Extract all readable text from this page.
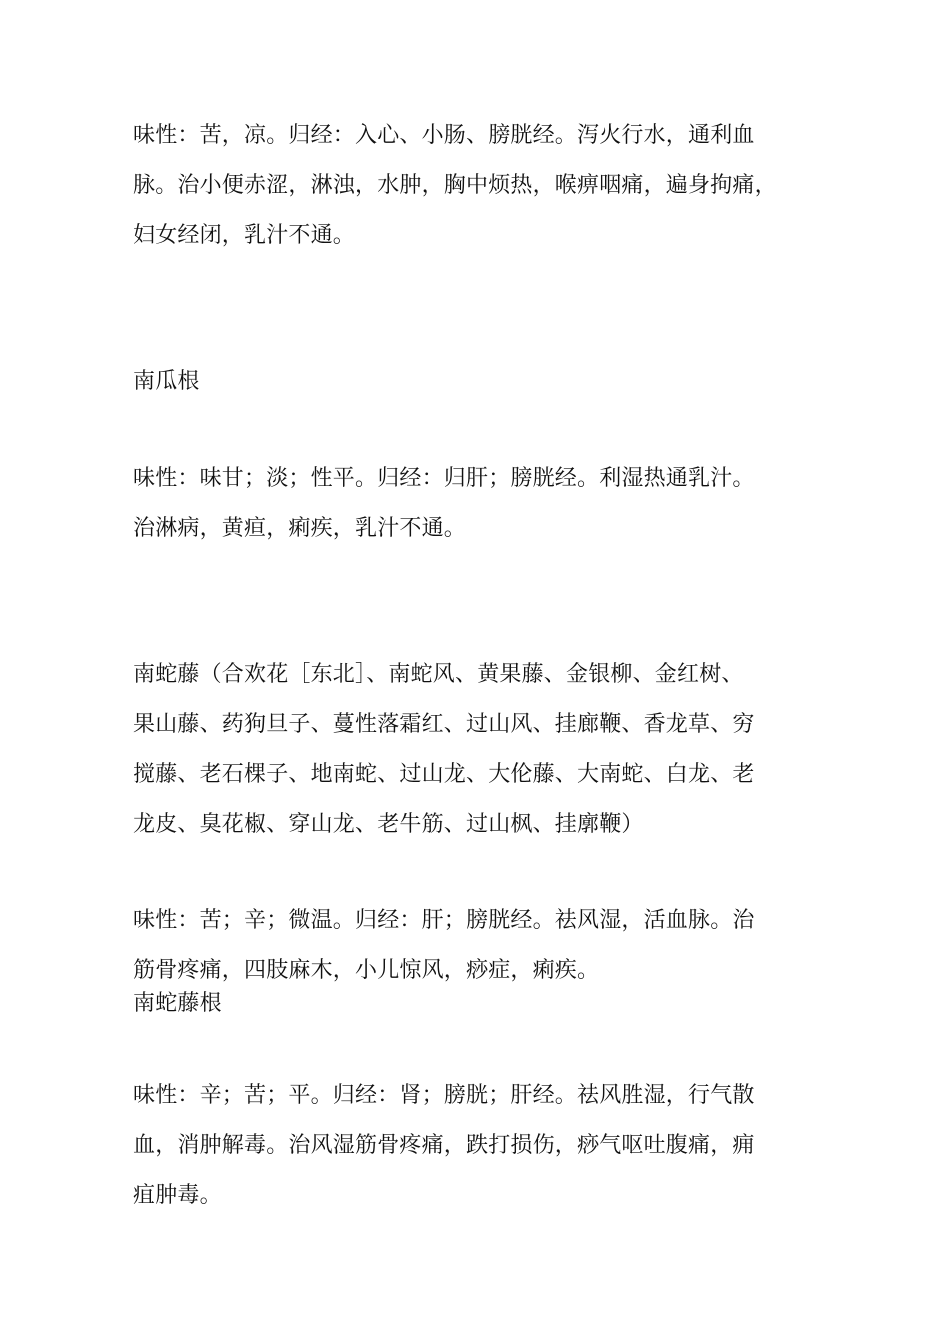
味性：苦，凉。归经：入心、小肠、膀胱经。泻火行水，通利血
脉。治小便赤涩，淋浊，水肿，胸中烦热，喉痹咽痛，遍身拘痛，
妇女经闭，乳汁不通。
南瓜根
味性：味甘；淡；性平。归经：归肝；膀胱经。利湿热通乳汁。
治淋病，黄疸，痢疾，乳汁不通。
南蛇藤（合欢花［东北］、南蛇风、黄果藤、金银柳、金红树、
果山藤、药狗旦子、蔓性落霜红、过山风、挂廊鞭、香龙草、穷
搅藤、老石棵子、地南蛇、过山龙、大伦藤、大南蛇、白龙、老
龙皮、臭花椒、穿山龙、老牛筋、过山枫、挂廓鞭）
味性：苦；辛；微温。归经：肝；膀胱经。祛风湿，活血脉。治
筋骨疼痛，四肢麻木，小儿惊风，痧症，痢疾。
南蛇藤根
味性：辛；苦；平。归经：肾；膀胱；肝经。祛风胜湿，行气散
血，消肿解毒。治风湿筋骨疼痛，跌打损伤，痧气呕吐腹痛，痈
疽肿毒。
